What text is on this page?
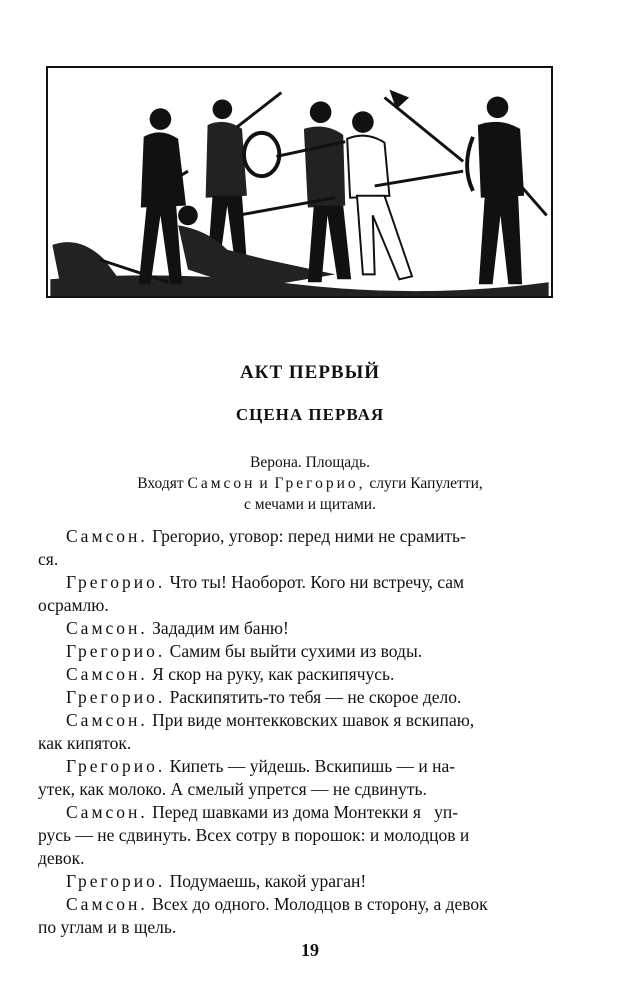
АКТ ПЕРВЫЙ
СЦЕНА ПЕРВАЯ
Верона. Площадь.
Входят Самсон и Грегорио, слуги Капулетти,
с мечами и щитами.
Самсон. Грегорио, уговор: перед ними не срамить-
ся.
Грегорио. Что ты! Наоборот. Кого ни встречу, сам
осрамлю.
Самсон. Зададим им баню!
Грегорио. Самим бы выйти сухими из воды.
Самсон. Я скор на руку, как раскипячусь.
Грегорио. Раскипятить-то тебя — не скорое дело.
Самсон. При виде монтекковских шавок я вскипаю,
как кипяток.
Грегорио. Кипеть — уйдешь. Вскипишь — и на-
утек, как молоко. А смелый упрется — не сдвинуть.
Самсон. Перед шавками из дома Монтекки я   уп-
русь — не сдвинуть. Всех сотру в порошок: и молодцов и
девок.
Грегорио. Подумаешь, какой ураган!
Самсон. Всех до одного. Молодцов в сторону, а девок
по углам и в щель.
19
